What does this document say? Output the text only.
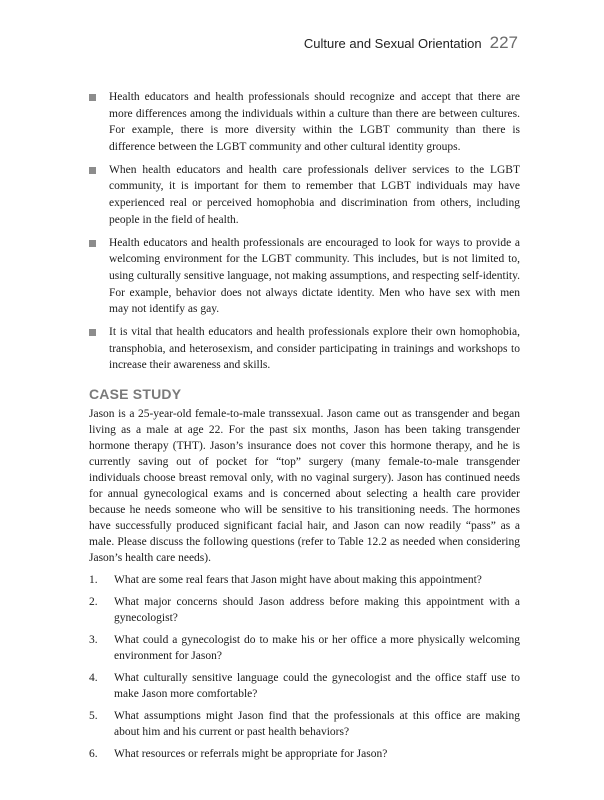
Culture and Sexual Orientation 227
Health educators and health professionals should recognize and accept that there are more differences among the individuals within a culture than there are between cultures. For example, there is more diversity within the LGBT community than there is difference between the LGBT community and other cultural identity groups.
When health educators and health care professionals deliver services to the LGBT community, it is important for them to remember that LGBT individuals may have experienced real or perceived homophobia and discrimination from others, including people in the field of health.
Health educators and health professionals are encouraged to look for ways to provide a welcoming environment for the LGBT community. This includes, but is not limited to, using culturally sensitive language, not making assumptions, and respecting self-identity. For example, behavior does not always dictate identity. Men who have sex with men may not identify as gay.
It is vital that health educators and health professionals explore their own homophobia, transphobia, and heterosexism, and consider participating in trainings and workshops to increase their awareness and skills.
CASE STUDY

Jason is a 25-year-old female-to-male transsexual. Jason came out as transgender and began living as a male at age 22. For the past six months, Jason has been taking transgender hormone therapy (THT). Jason’s insurance does not cover this hormone therapy, and he is currently saving out of pocket for “top” surgery (many female-to-male transgender individuals choose breast removal only, with no vaginal surgery). Jason has continued needs for annual gynecological exams and is concerned about selecting a health care provider because he needs someone who will be sensitive to his transitioning needs. The hormones have successfully produced significant facial hair, and Jason can now readily “pass” as a male. Please discuss the following questions (refer to Table 12.2 as needed when considering Jason’s health care needs).

1. What are some real fears that Jason might have about making this appointment?
2. What major concerns should Jason address before making this appointment with a gynecologist?
3. What could a gynecologist do to make his or her office a more physically welcoming environment for Jason?
4. What culturally sensitive language could the gynecologist and the office staff use to make Jason more comfortable?
5. What assumptions might Jason find that the professionals at this office are making about him and his current or past health behaviors?
6. What resources or referrals might be appropriate for Jason?
